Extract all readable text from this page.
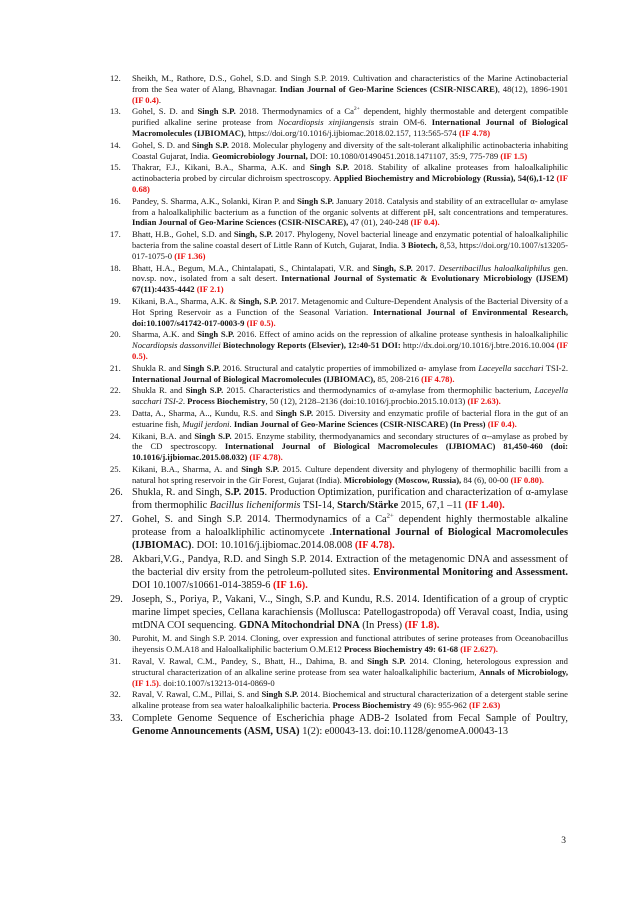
12.	Sheikh, M., Rathore, D.S., Gohel, S.D. and Singh S.P. 2019. Cultivation and characteristics of the Marine Actinobacterial from the Sea water of Alang, Bhavnagar. Indian Journal of Geo-Marine Sciences (CSIR-NISCARE), 48(12), 1896-1901 (IF 0.4).
13.	Gohel, S. D. and Singh S.P. 2018. Thermodynamics of a $Ca^{2+}$ dependent, highly thermostable and detergent compatible purified alkaline serine protease from Nocardiopsis xinjiangensis strain OM-6. International Journal of Biological Macromolecules (IJBIOMAC), https://doi.org/10.1016/j.ijbiomac.2018.02.157, 113:565-574 (IF 4.78)
14.	Gohel, S. D. and Singh S.P. 2018. Molecular phylogeny and diversity of the salt-tolerant alkaliphilic actinobacteria inhabiting Coastal Gujarat, India. Geomicrobiology Journal, DOI: 10.1080/01490451.2018.1471107, 35:9, 775-789 (IF 1.5)
15.	Thakrar, F.J., Kikani, B.A., Sharma, A.K. and Singh S.P. 2018. Stability of alkaline proteases from haloalkaliphilic actinobacteria probed by circular dichroism spectroscopy. Applied Biochemistry and Microbiology (Russia), 54(6),1-12 (IF 0.68)
16.	Pandey, S. Sharma, A.K., Solanki, Kiran P. and Singh S.P. January 2018. Catalysis and stability of an extracellular α- amylase from a haloalkaliphilic bacterium as a function of the organic solvents at different pH, salt concentrations and temperatures. Indian Journal of Geo-Marine Sciences (CSIR-NISCARE), 47 (01), 240-248 (IF 0.4).
17.	Bhatt, H.B., Gohel, S.D. and Singh, S.P. 2017. Phylogeny, Novel bacterial lineage and enzymatic potential of haloalkaliphilic bacteria from the saline coastal desert of Little Rann of Kutch, Gujarat, India. 3 Biotech, 8,53, https://doi.org/10.1007/s13205-017-1075-0 (IF 1.36)
18.	Bhatt, H.A., Begum, M.A., Chintalapati, S., Chintalapati, V.R. and Singh, S.P. 2017. Desertibacillus haloalkaliphilus gen. nov.sp. nov., isolated from a salt desert. International Journal of Systematic & Evolutionary Microbiology (IJSEM) 67(11):4435-4442 (IF 2.1)
19.	Kikani, B.A., Sharma, A.K. & Singh, S.P. 2017. Metagenomic and Culture-Dependent Analysis of the Bacterial Diversity of a Hot Spring Reservoir as a Function of the Seasonal Variation. International Journal of Environmental Research, doi:10.1007/s41742-017-0003-9 (IF 0.5).
20.	Sharma, A.K. and Singh S.P. 2016. Effect of amino acids on the repression of alkaline protease synthesis in haloalkaliphilic Nocardiopsis dassonvillei Biotechnology Reports (Elsevier), 12:40-51 DOI: http://dx.doi.org/10.1016/j.btre.2016.10.004 (IF 0.5).
21.	Shukla R. and Singh S.P. 2016. Structural and catalytic properties of immobilized α- amylase from Laceyella sacchari TSI-2. International Journal of Biological Macromolecules (IJBIOMAC), 85, 208-216 (IF 4.78).
22.	Shukla R. and Singh S.P. 2015. Characteristics and thermodynamics of α-amylase from thermophilic bacterium, Laceyella sacchari TSI-2. Process Biochemistry, 50 (12), 2128–2136 (doi:10.1016/j.procbio.2015.10.013) (IF 2.63).
23.	Datta, A., Sharma, A.., Kundu, R.S. and Singh S.P. 2015. Diversity and enzymatic profile of bacterial flora in the gut of an estuarine fish, Mugil jerdoni. Indian Journal of Geo-Marine Sciences (CSIR-NISCARE) (In Press) (IF 0.4).
24.	Kikani, B.A. and Singh S.P. 2015. Enzyme stability, thermodyanamics and secondary structures of α--amylase as probed by the CD spectroscopy. International Journal of Biological Macromolecules (IJBIOMAC) 81,450-460 (doi: 10.1016/j.ijbiomac.2015.08.032) (IF 4.78).
25.	Kikani, B.A., Sharma, A. and Singh S.P. 2015. Culture dependent diversity and phylogeny of thermophilic bacilli from a natural hot spring reservoir in the Gir Forest, Gujarat (India). Microbiology (Moscow, Russia), 84 (6), 00-00 (IF 0.80).
26. Shukla, R. and Singh, S.P. 2015. Production Optimization, purification and characterization of α-amylase from thermophilic Bacillus licheniformis TSI-14, Starch/Stärke 2015, 67,1 –11 (IF 1.40).
27. Gohel, S. and Singh S.P. 2014. Thermodynamics of a $Ca^{2+}$ dependent highly thermostable alkaline protease from a haloalkliphilic actinomycete .International Journal of Biological Macromolecules (IJBIOMAC). DOI: 10.1016/j.ijbiomac.2014.08.008 (IF 4.78).
28. Akbari,V.G., Pandya, R.D. and Singh S.P. 2014. Extraction of the metagenomic DNA and assessment of the bacterial div ersity from the petroleum-polluted sites. Environmental Monitoring and Assessment. DOI 10.1007/s10661-014-3859-6 (IF 1.6).
29. Joseph, S., Poriya, P., Vakani, V.., Singh, S.P. and Kundu, R.S. 2014. Identification of a group of cryptic marine limpet species, Cellana karachiensis (Mollusca: Patellogastropoda) off Veraval coast, India, using mtDNA COI sequencing. GDNA Mitochondrial DNA (In Press) (IF 1.8).
30.	Purohit, M. and Singh S.P. 2014. Cloning, over expression and functional attributes of serine proteases from Oceanobacillus iheyensis O.M.A18 and Haloalkaliphilic bacterium O.M.E12 Process Biochemistry 49: 61-68 (IF 2.627).
31.	Raval, V. Rawal, C.M., Pandey, S., Bhatt, H.., Dahima, B. and Singh S.P. 2014. Cloning, heterologous expression and structural characterization of an alkaline serine protease from sea water haloalkaliphilic bacterium, Annals of Microbiology, (IF 1.5). doi:10.1007/s13213-014-0869-0
32.	Raval, V. Rawal, C.M., Pillai, S. and Singh S.P. 2014. Biochemical and structural characterization of a detergent stable serine alkaline protease from sea water haloalkaliphilic bacteria. Process Biochemistry 49 (6): 955-962 (IF 2.63)
33. Complete Genome Sequence of Escherichia phage ADB-2 Isolated from Fecal Sample of Poultry, Genome Announcements (ASM, USA) 1(2): e00043-13. doi:10.1128/genomeA.00043-13
3
